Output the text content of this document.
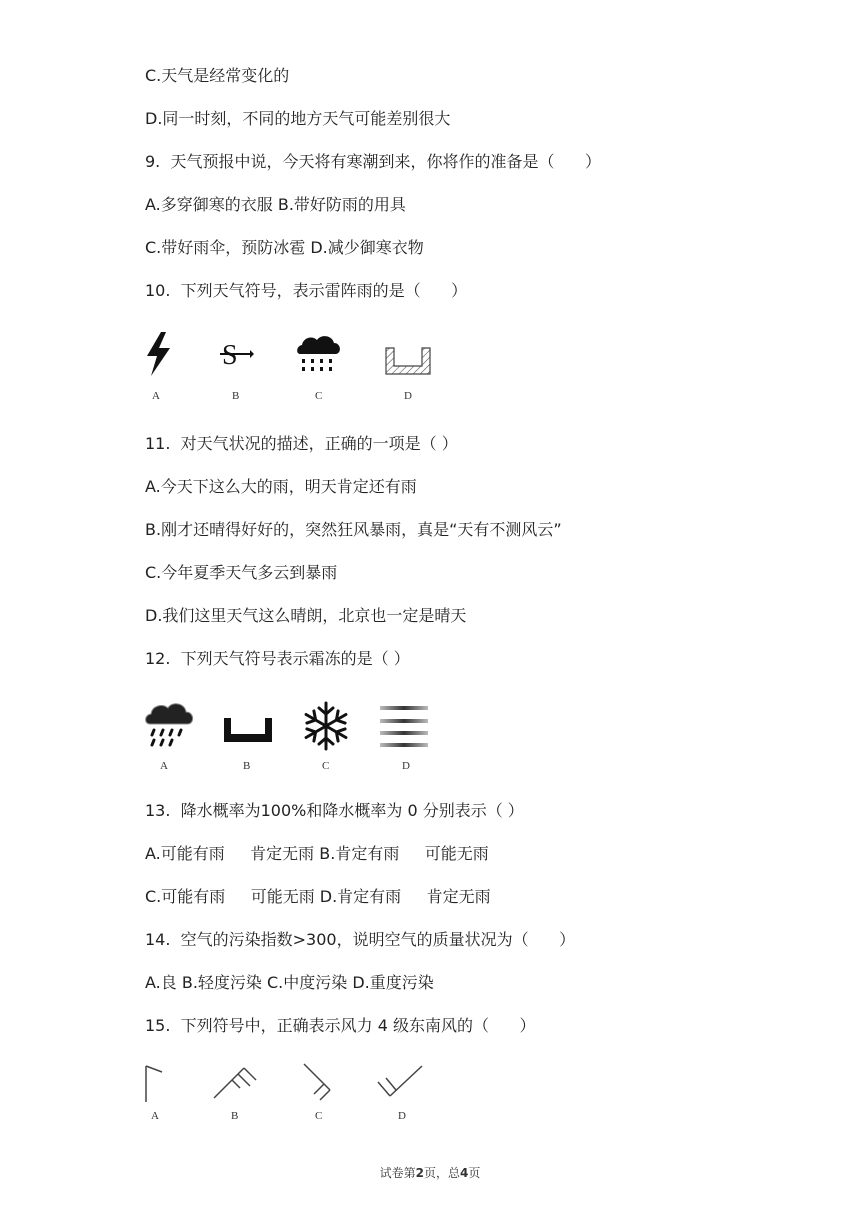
C.天气是经常变化的
D.同一时刻，不同的地方天气可能差别很大
9.  天气预报中说，今天将有寒潮到来，你将作的准备是（      ）
A.多穿御寒的衣服 B.带好防雨的用具
C.带好雨伞，预防冰雹 D.减少御寒衣物
10.  下列天气符号，表示雷阵雨的是（      ）
S
A	B	C	D
11.  对天气状况的描述，正确的一项是（ ）
A.今天下这么大的雨，明天肯定还有雨
B.刚才还晴得好好的，突然狂风暴雨，真是“天有不测风云”
C.今年夏季天气多云到暴雨
D.我们这里天气这么晴朗，北京也一定是晴天
12.  下列天气符号表示霜冻的是（ ）
A	B	C	D
13.  降水概率为100%和降水概率为 0 分别表示（ ）
A.可能有雨     肯定无雨 B.肯定有雨     可能无雨
C.可能有雨     可能无雨 D.肯定有雨     肯定无雨
14.  空气的污染指数>300，说明空气的质量状况为（      ）
A.良 B.轻度污染 C.中度污染 D.重度污染
15.  下列符号中，正确表示风力 4 级东南风的（      ）
A	B	C	D
试卷第2页，总4页
